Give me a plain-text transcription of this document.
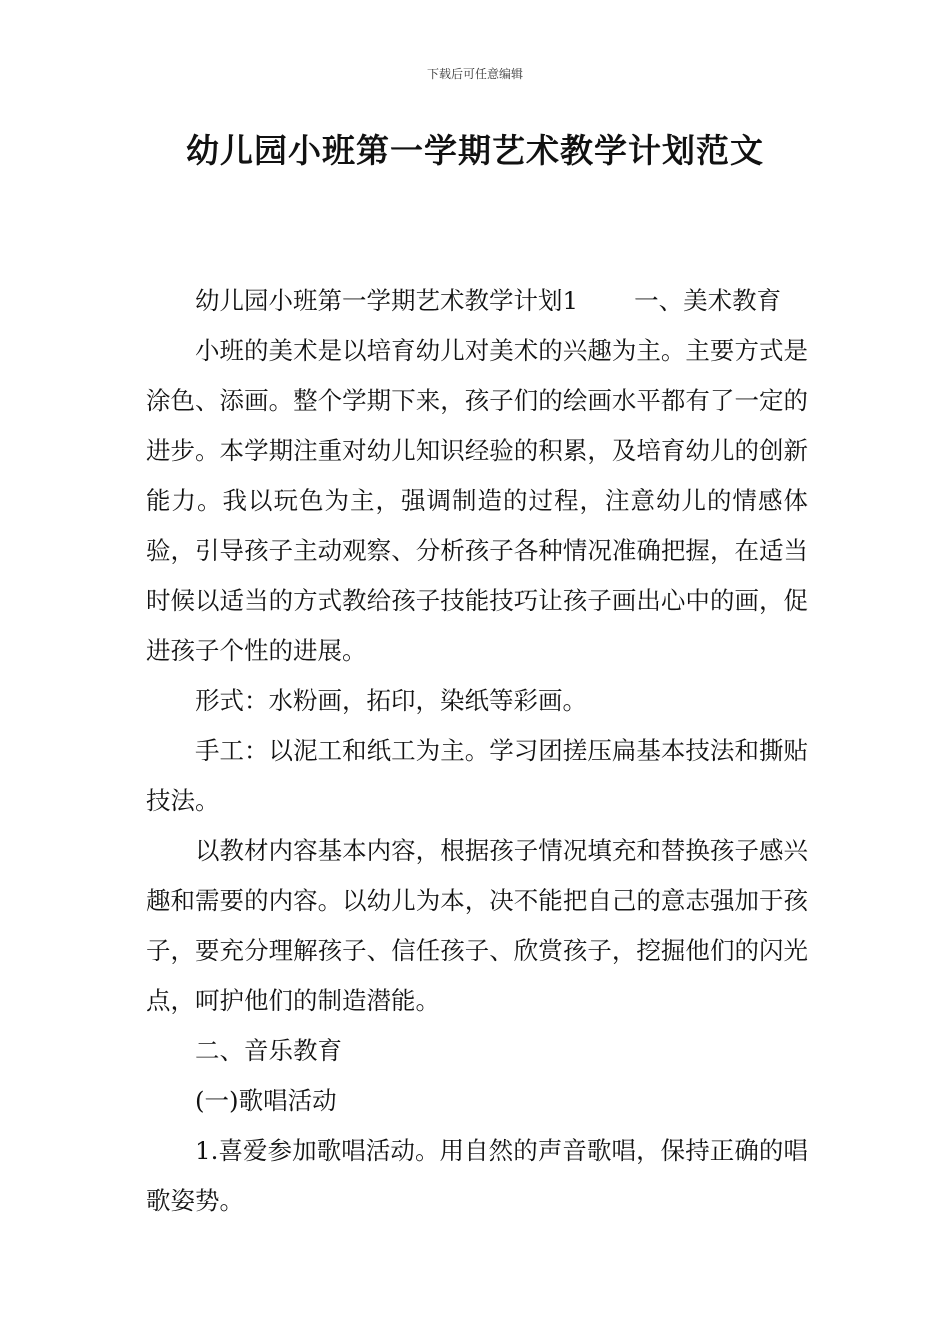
下载后可任意编辑
幼儿园小班第一学期艺术教学计划范文

幼儿园小班第一学期艺术教学计划1 一、美术教育

小班的美术是以培育幼儿对美术的兴趣为主。主要方式是涂色、添画。整个学期下来，孩子们的绘画水平都有了一定的进步。本学期注重对幼儿知识经验的积累，及培育幼儿的创新能力。我以玩色为主，强调制造的过程，注意幼儿的情感体验，引导孩子主动观察、分析孩子各种情况准确把握，在适当时候以适当的方式教给孩子技能技巧让孩子画出心中的画，促进孩子个性的进展。

形式：水粉画，拓印，染纸等彩画。

手工：以泥工和纸工为主。学习团搓压扁基本技法和撕贴技法。

以教材内容基本内容，根据孩子情况填充和替换孩子感兴趣和需要的内容。以幼儿为本，决不能把自己的意志强加于孩子，要充分理解孩子、信任孩子、欣赏孩子，挖掘他们的闪光点，呵护他们的制造潜能。

二、音乐教育

(一)歌唱活动

1.喜爱参加歌唱活动。用自然的声音歌唱，保持正确的唱歌姿势。
